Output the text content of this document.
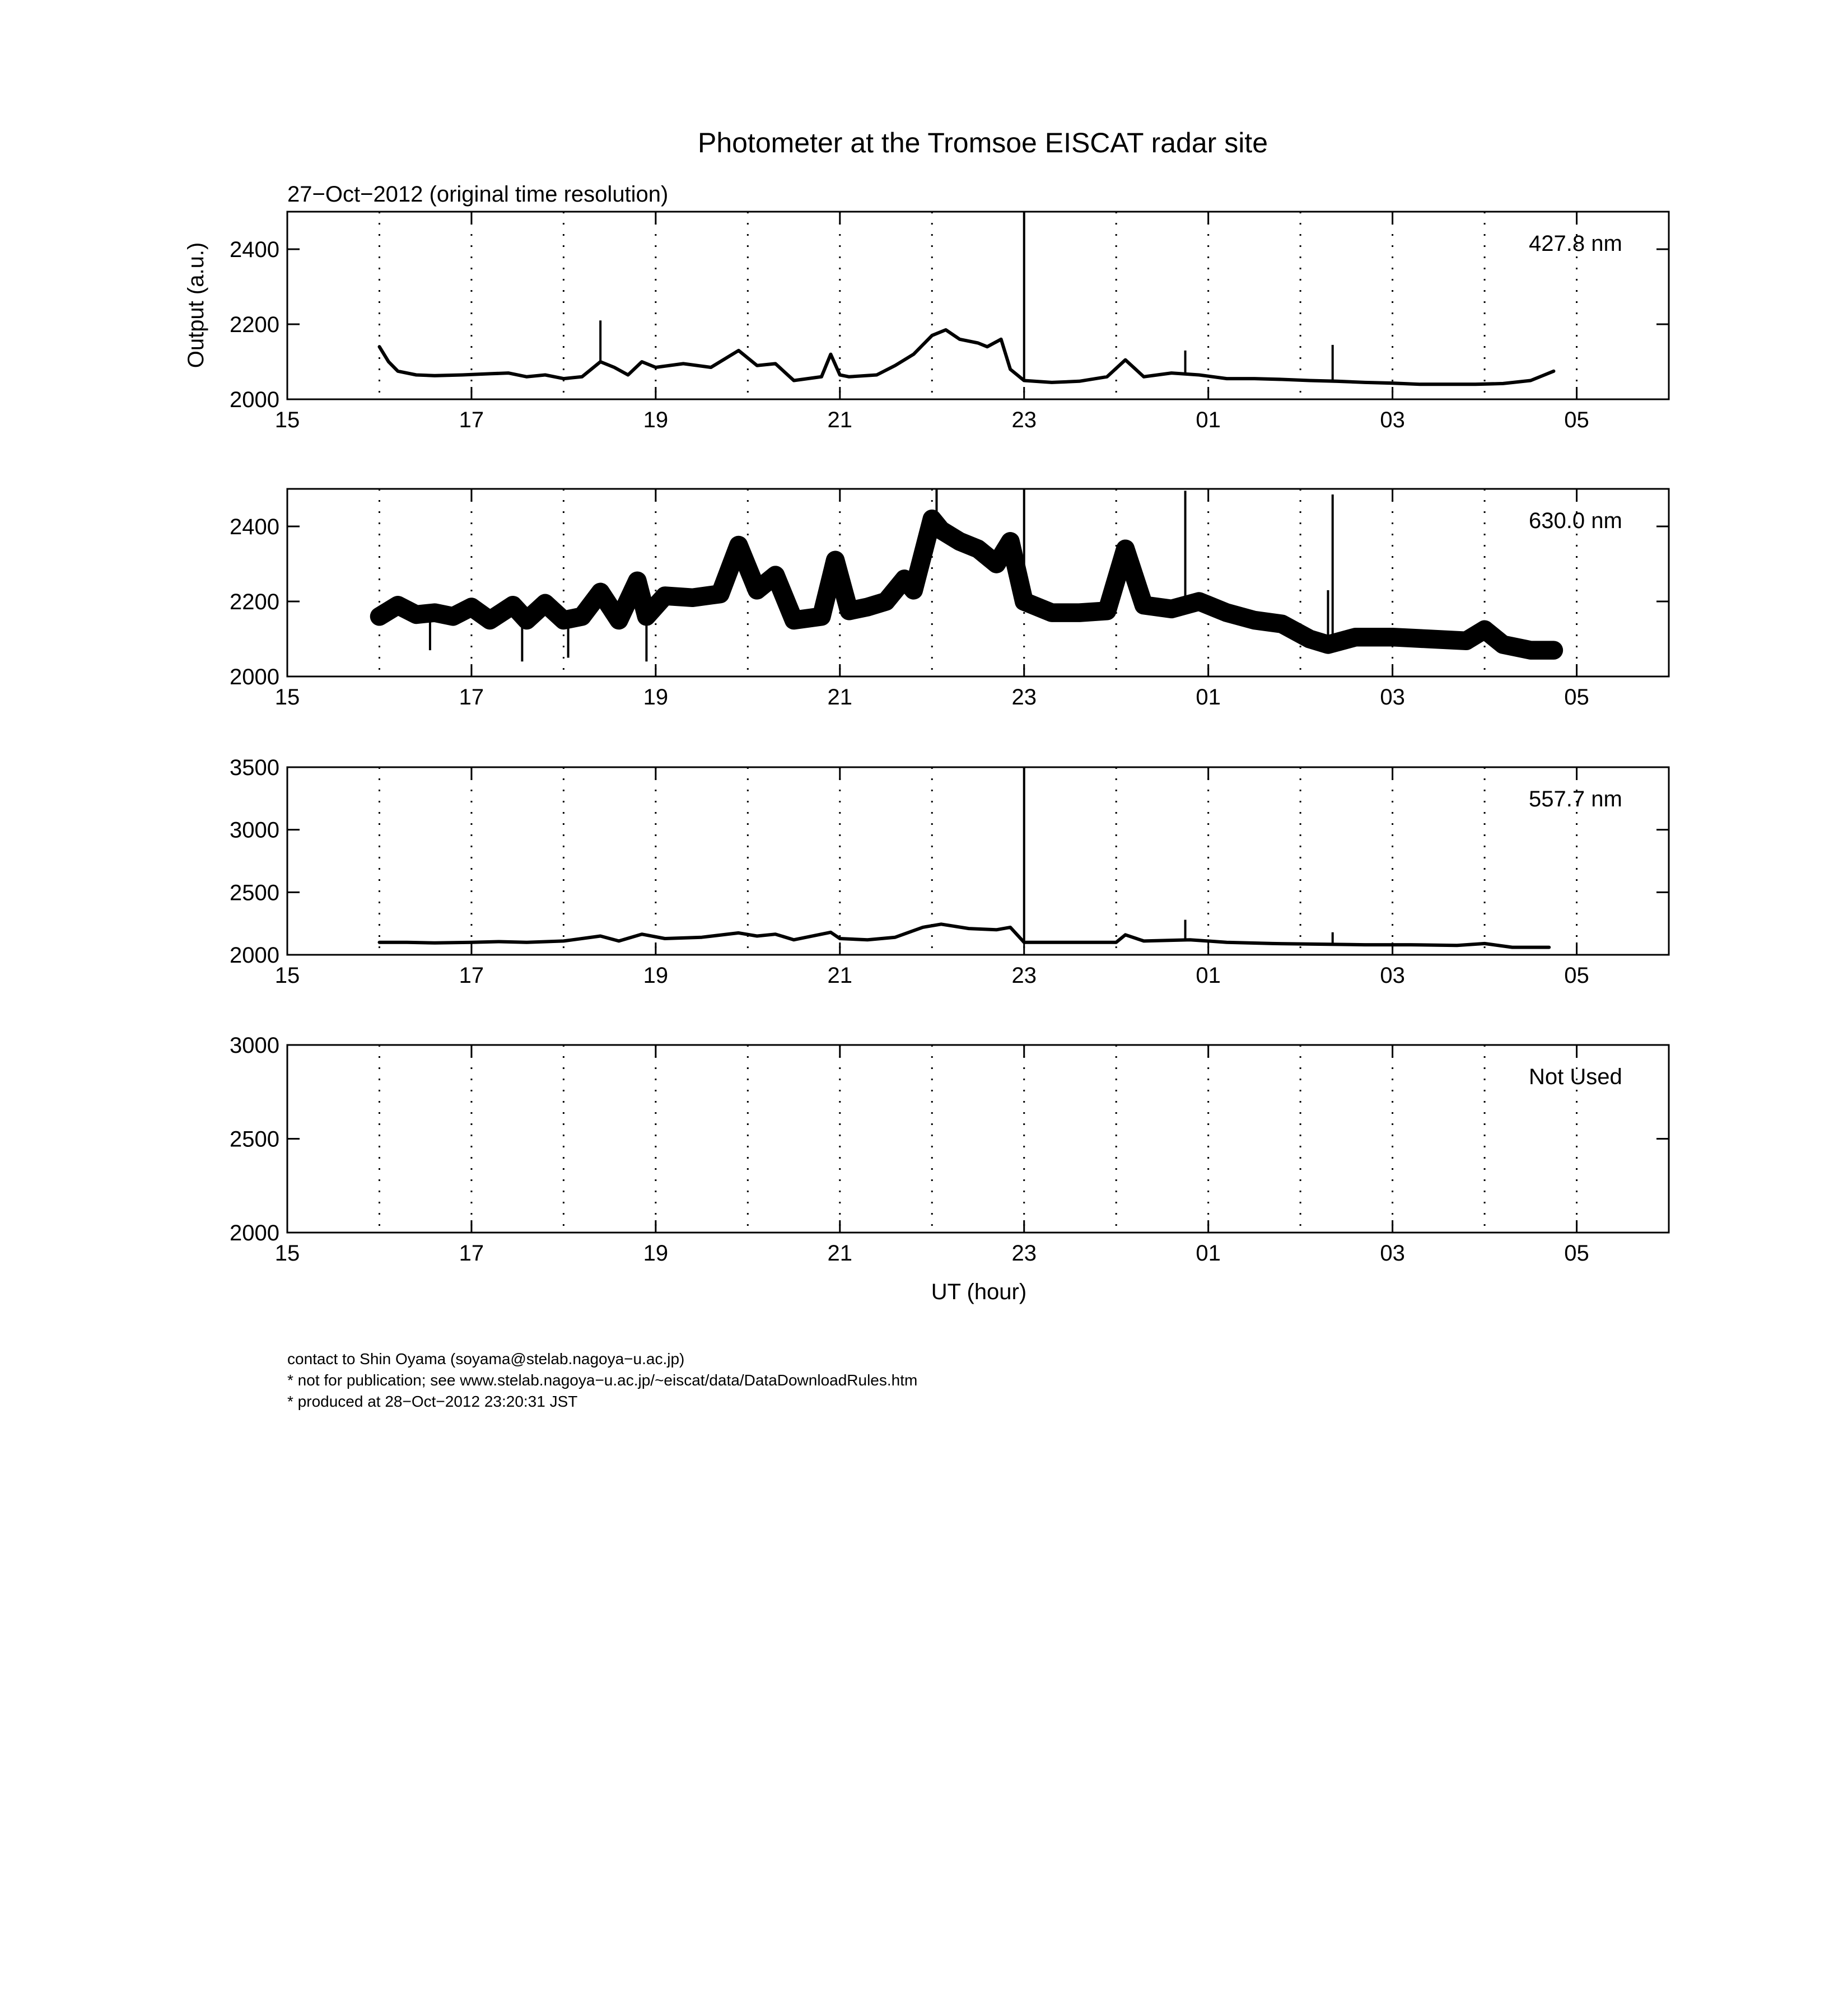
Photometer at the Tromsoe EISCAT radar site
27−Oct−2012 (original time resolution)
Output (a.u.)
UT (hour)
15	17	19	21	23	01	03	05
2000
2200
2400	427.8 nm
15	17	19	21	23	01	03	05
2000
2200
2400	630.0 nm
15	17	19	21	23	01	03	05
2000
2500
3000
3500
557.7 nm
15	17	19	21	23	01	03	05
2000
2500
3000
Not Used
contact to Shin Oyama (soyama@stelab.nagoya−u.ac.jp)
* not for publication; see www.stelab.nagoya−u.ac.jp/~eiscat/data/DataDownloadRules.htm
* produced at 28−Oct−2012 23:20:31 JST
